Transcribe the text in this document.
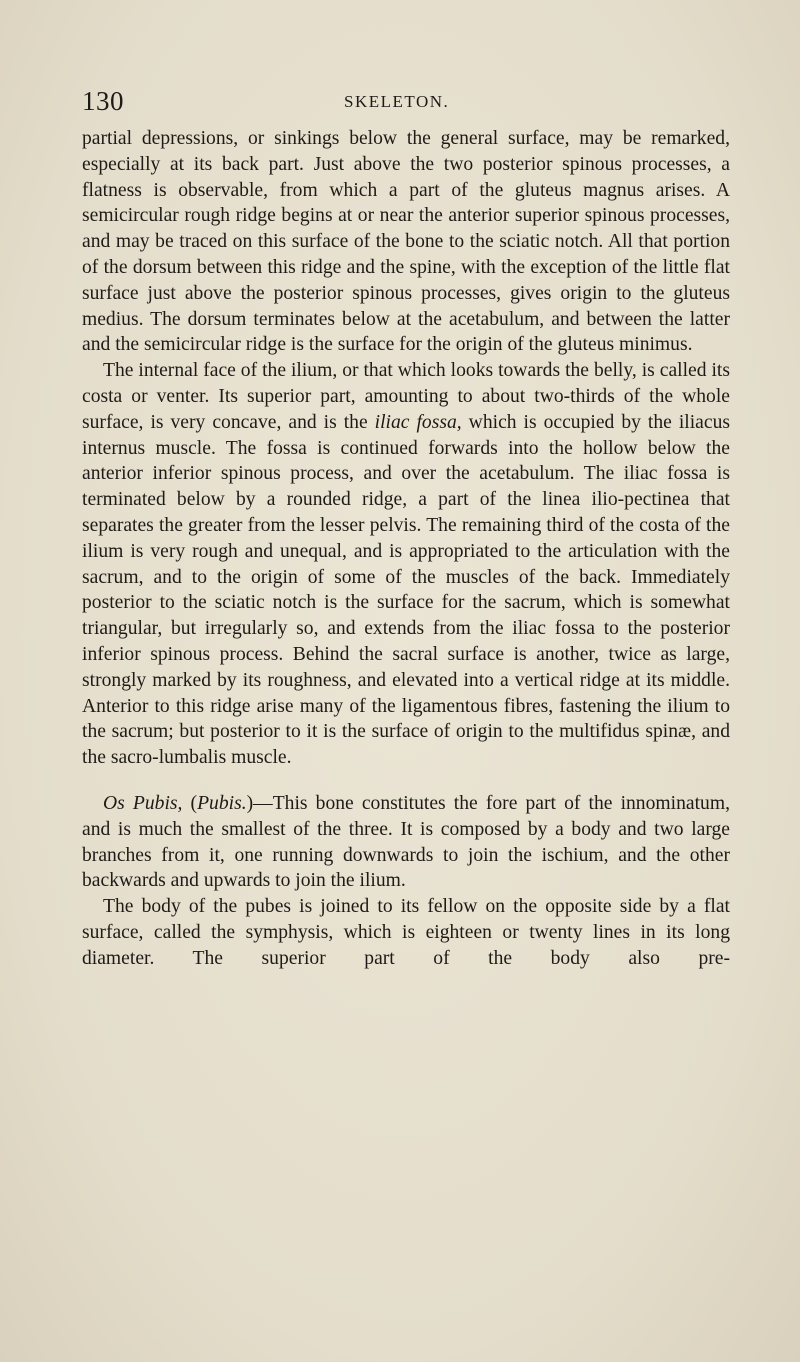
130	SKELETON.

partial depressions, or sinkings below the general surface, may be remarked, especially at its back part. Just above the two posterior spinous processes, a flatness is observable, from which a part of the gluteus magnus arises. A semicircular rough ridge begins at or near the anterior superior spinous processes, and may be traced on this surface of the bone to the sciatic notch. All that portion of the dorsum between this ridge and the spine, with the exception of the little flat surface just above the posterior spinous processes, gives origin to the gluteus medius. The dorsum terminates below at the acetabulum, and between the latter and the semicircular ridge is the surface for the origin of the gluteus minimus.

The internal face of the ilium, or that which looks towards the belly, is called its costa or venter. Its superior part, amounting to about two-thirds of the whole surface, is very concave, and is the iliac fossa, which is occupied by the iliacus internus muscle. The fossa is continued forwards into the hollow below the anterior inferior spinous process, and over the acetabulum. The iliac fossa is terminated below by a rounded ridge, a part of the linea ilio-pectinea that separates the greater from the lesser pelvis. The remaining third of the costa of the ilium is very rough and unequal, and is appropriated to the articulation with the sacrum, and to the origin of some of the muscles of the back. Immediately posterior to the sciatic notch is the surface for the sacrum, which is somewhat triangular, but irregularly so, and extends from the iliac fossa to the posterior inferior spinous process. Behind the sacral surface is another, twice as large, strongly marked by its roughness, and elevated into a vertical ridge at its middle. Anterior to this ridge arise many of the ligamentous fibres, fastening the ilium to the sacrum; but posterior to it is the surface of origin to the multifidus spinæ, and the sacro-lumbalis muscle.

Os Pubis, (Pubis.)—This bone constitutes the fore part of the innominatum, and is much the smallest of the three. It is composed by a body and two large branches from it, one running downwards to join the ischium, and the other backwards and upwards to join the ilium.

The body of the pubes is joined to its fellow on the opposite side by a flat surface, called the symphysis, which is eighteen or twenty lines in its long diameter. The superior part of the body also pre-
